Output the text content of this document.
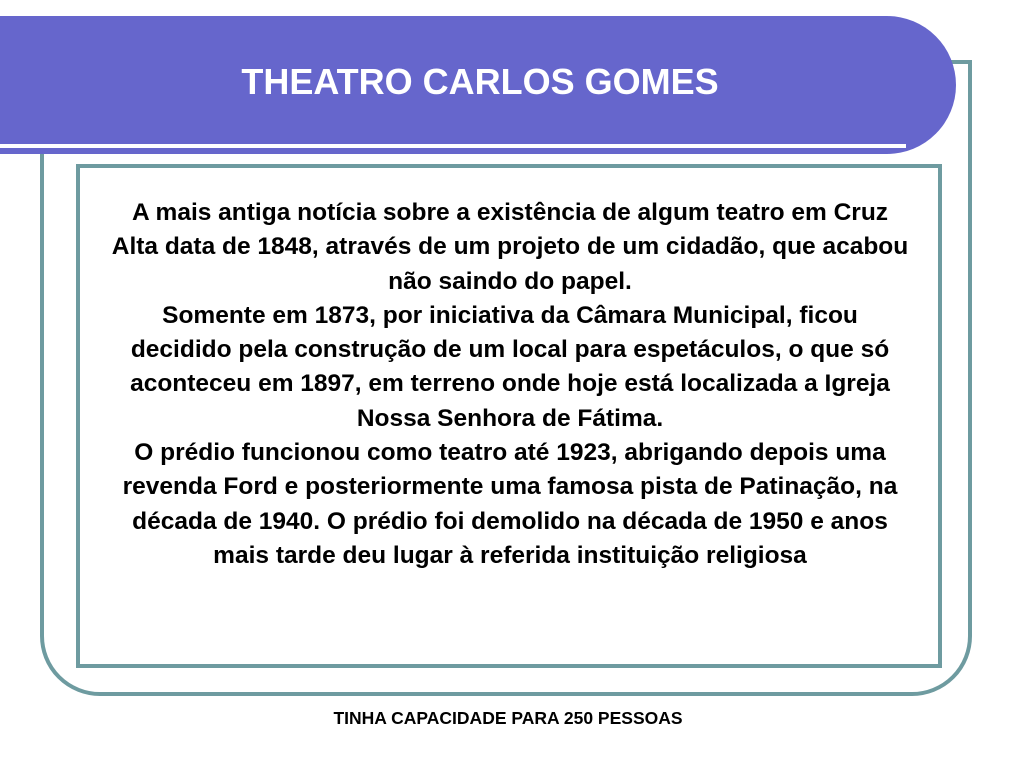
THEATRO CARLOS GOMES

A mais antiga notícia sobre a existência de algum teatro em Cruz Alta data de 1848, através de um projeto de um cidadão, que acabou não saindo do papel.
Somente em 1873, por iniciativa da Câmara Municipal, ficou decidido pela construção de um local para espetáculos, o que só aconteceu em 1897, em terreno onde hoje está localizada a Igreja
Nossa Senhora de Fátima.
O prédio funcionou como teatro até 1923, abrigando depois uma revenda Ford e posteriormente uma famosa pista de Patinação, na década de 1940. O prédio foi demolido na década de 1950 e anos mais tarde deu lugar à referida instituição religiosa

TINHA CAPACIDADE PARA 250 PESSOAS
